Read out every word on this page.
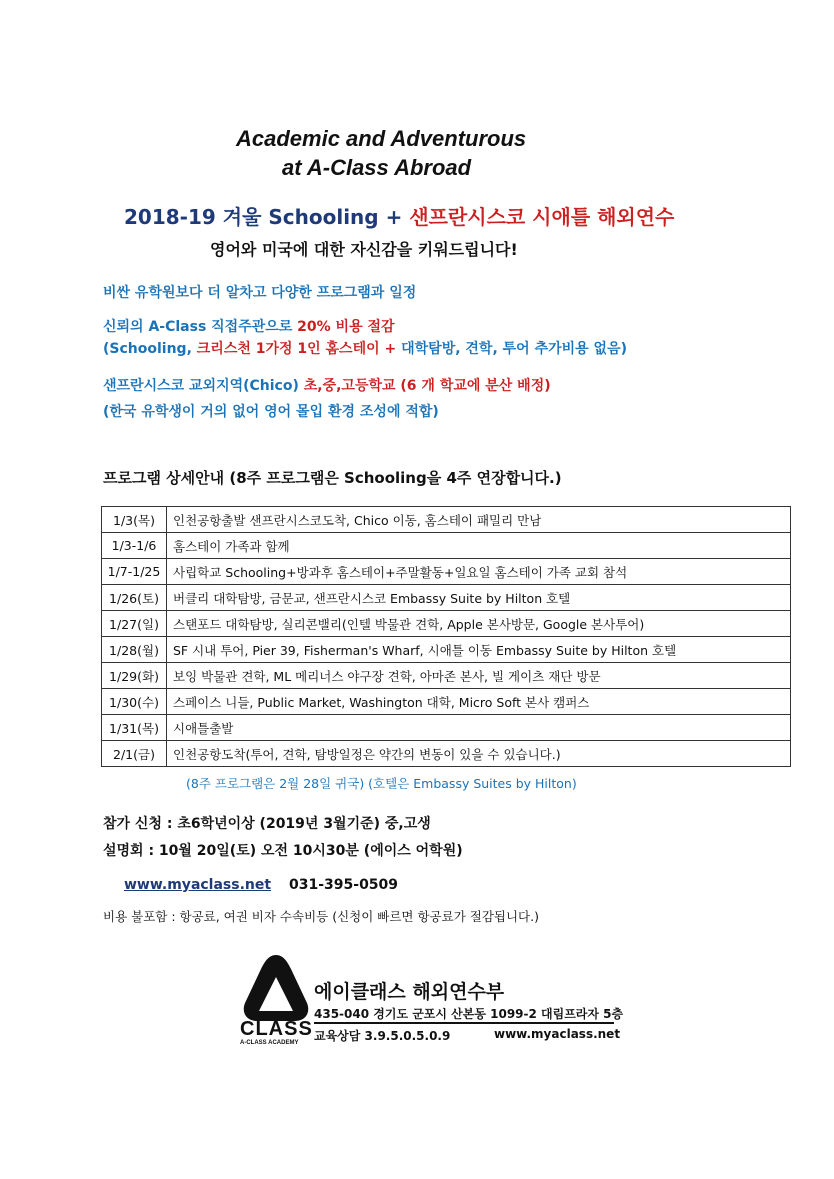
Academic and Adventurous
at A-Class Abroad
2018-19 겨울 Schooling + 샌프란시스코 시애틀 해외연수
영어와 미국에 대한 자신감을 키워드립니다!
비싼 유학원보다 더 알차고 다양한 프로그램과 일정
신뢰의 A-Class 직접주관으로 20% 비용 절감
(Schooling, 크리스천 1가정 1인 홈스테이 + 대학탐방, 견학, 투어 추가비용 없음)
샌프란시스코 교외지역(Chico) 초,중,고등학교 (6 개 학교에 분산 배정)
(한국 유학생이 거의 없어 영어 몰입 환경 조성에 적합)
프로그램 상세안내 (8주 프로그램은 Schooling을 4주 연장합니다.)
1/3(목)	인천공항출발 샌프란시스코도착, Chico 이동, 홈스테이 패밀리 만남
1/3-1/6	홈스테이 가족과 함께
1/7-1/25	사립학교 Schooling+방과후 홈스테이+주말활동+일요일 홈스테이 가족 교회 참석
1/26(토)	버클리 대학탐방, 금문교, 샌프란시스코 Embassy Suite by Hilton 호텔
1/27(일)	스탠포드 대학탐방, 실리콘밸리(인텔 박물관 견학, Apple 본사방문, Google 본사투어)
1/28(월)	SF 시내 투어, Pier 39, Fisherman's Wharf, 시애틀 이동 Embassy Suite by Hilton 호텔
1/29(화)	보잉 박물관 견학, ML 메리너스 야구장 견학, 아마존 본사, 빌 게이츠 재단 방문
1/30(수)	스페이스 니들, Public Market, Washington 대학, Micro Soft 본사 캠퍼스
1/31(목)	시애틀출발
2/1(금)	인천공항도착(투어, 견학, 탐방일정은 약간의 변동이 있을 수 있습니다.)
(8주 프로그램은 2월 28일 귀국) (호텔은 Embassy Suites by Hilton)
참가 신청 : 초6학년이상 (2019년 3월기준) 중,고생
설명회 : 10월 20일(토) 오전 10시30분 (에이스 어학원)
www.myaclass.net 031-395-0509
비용 불포함 : 항공료, 여권 비자 수속비등 (신청이 빠르면 항공료가 절감됩니다.)
CLASS
A-CLASS ACADEMY
에이클래스 해외연수부
435-040 경기도 군포시 산본동 1099-2 대림프라자 5층
교육상담 3.9.5.0.5.0.9	www.myaclass.net
